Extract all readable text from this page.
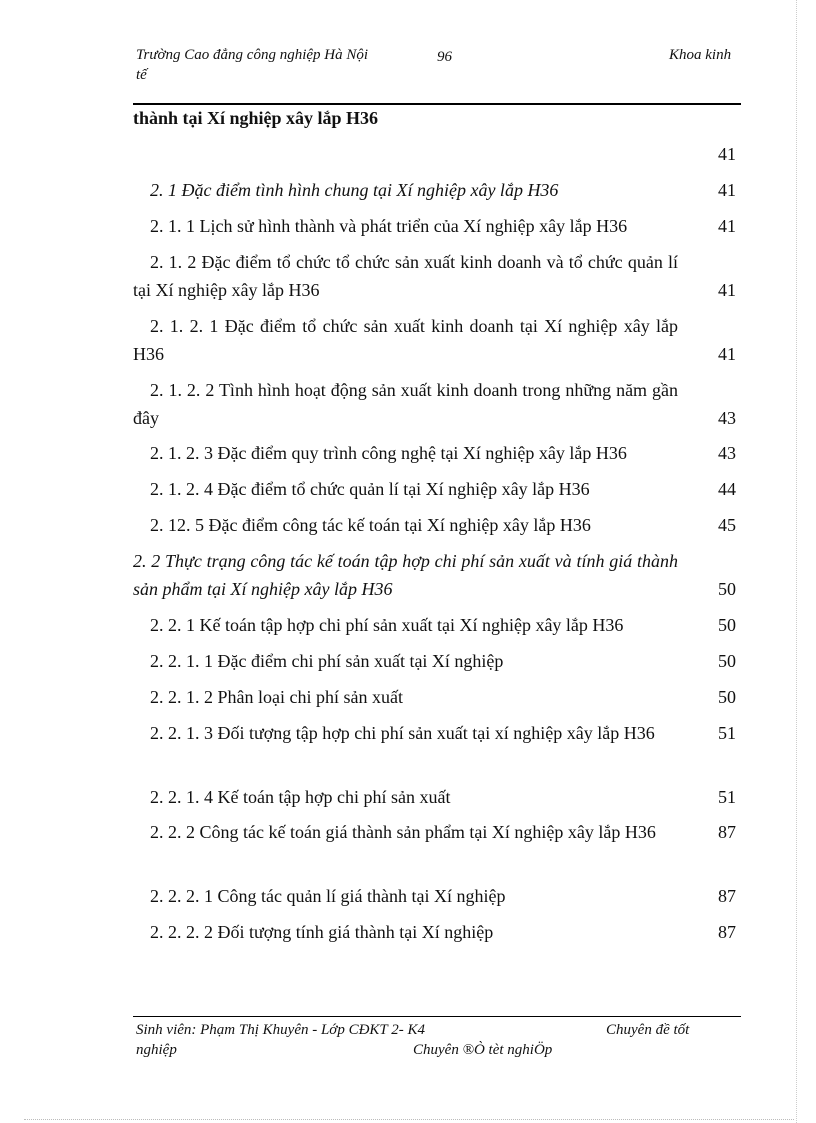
Trường Cao đẳng công nghiệp Hà Nội	96	Khoa kinh
tế
thành tại Xí nghiệp xây lắp H36

41
2. 1 Đặc điểm tình hình chung tại Xí nghiệp xây lắp H36	41
2. 1. 1 Lịch sử hình thành và phát triển của Xí nghiệp xây lắp H36	41
2. 1. 2 Đặc điểm tổ chức tổ chức sản xuất kinh doanh và tổ chức quản lí tại Xí nghiệp xây lắp H36	41
2. 1. 2. 1 Đặc điểm tổ chức sản xuất kinh doanh tại Xí nghiệp xây lắp H36	41
2. 1. 2. 2 Tình hình hoạt động sản xuất kinh doanh trong những năm gần đây	43
2. 1. 2. 3 Đặc điểm quy trình công nghệ tại Xí nghiệp xây lắp H36	43
2. 1. 2. 4 Đặc điểm tổ chức quản lí tại Xí nghiệp xây lắp H36	44
2. 12. 5 Đặc điểm công tác kế toán tại Xí nghiệp xây lắp H36	45
2. 2 Thực trạng công tác kế toán tập hợp chi phí sản xuất và tính giá thành sản phẩm tại Xí nghiệp xây lắp H36	50
2. 2. 1 Kế toán tập hợp chi phí sản xuất tại Xí nghiệp xây lắp H36	50
2. 2. 1. 1 Đặc điểm chi phí sản xuất tại Xí nghiệp	50
2. 2. 1. 2 Phân loại chi phí sản xuất	50
2. 2. 1. 3 Đối tượng tập hợp chi phí sản xuất tại xí nghiệp xây lắp H36	51
2. 2. 1. 4 Kế toán tập hợp chi phí sản xuất	51
2. 2. 2 Công tác kế toán giá thành sản phẩm tại Xí nghiệp xây lắp H36	87
2. 2. 2. 1 Công tác quản lí giá thành tại Xí nghiệp	87
2. 2. 2. 2 Đối tượng tính giá thành tại Xí nghiệp	87
Sinh viên: Phạm Thị Khuyên - Lớp CĐKT 2- K4	Chuyên đề tốt
nghiệp	Chuyên ®Ò tèt nghiÖp
